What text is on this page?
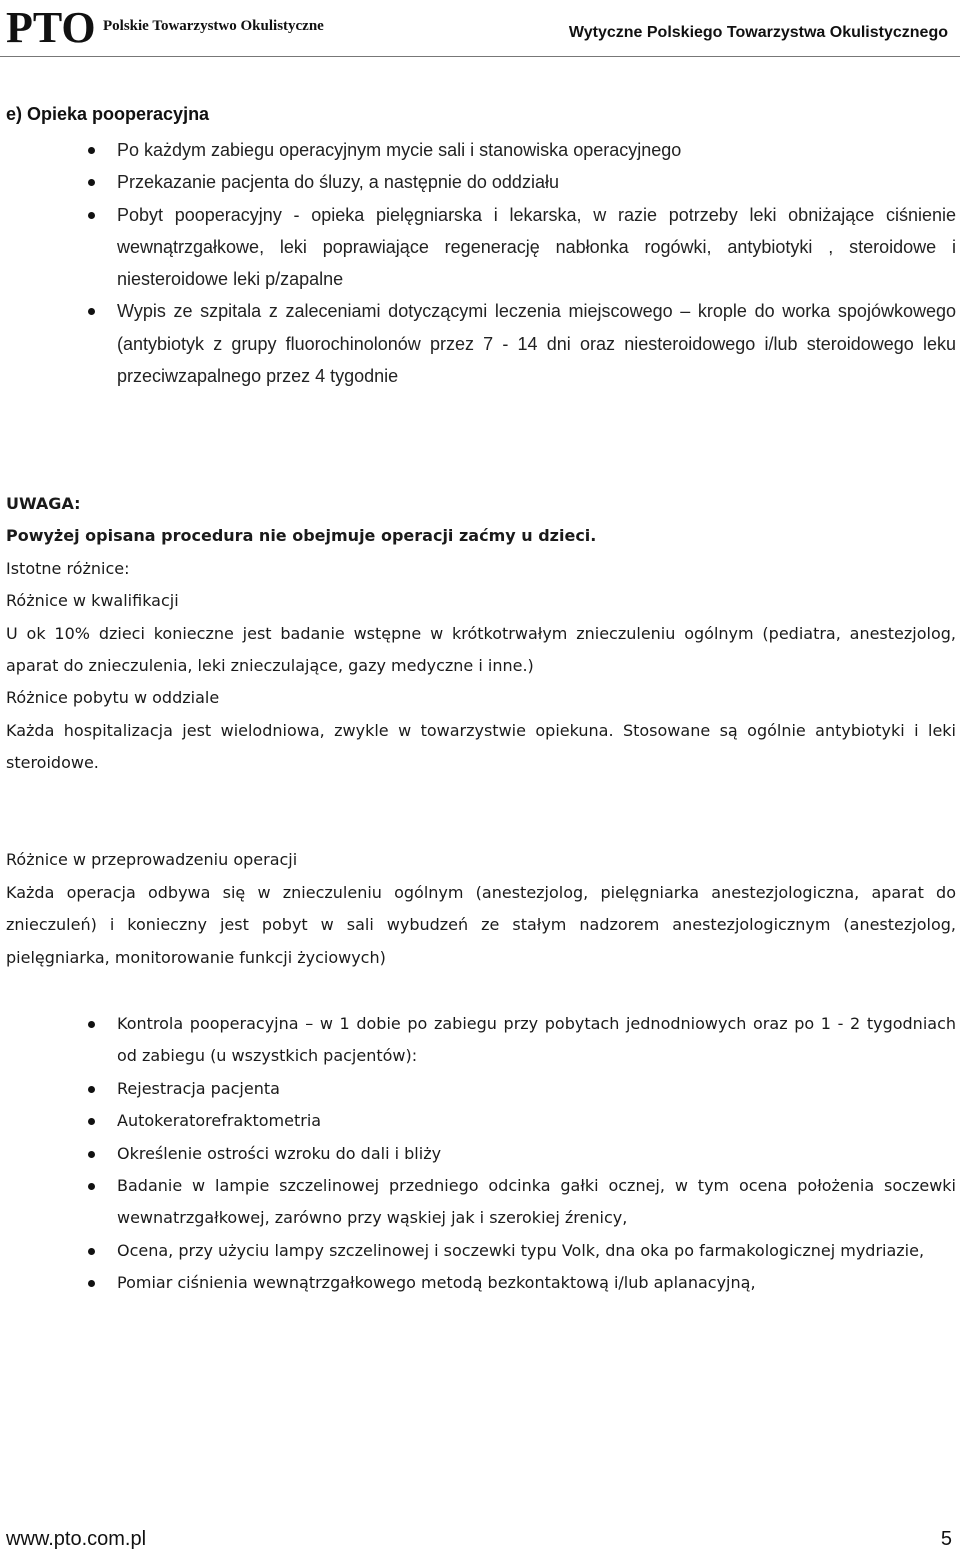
PTO Polskie Towarzystwo Okulistyczne	Wytyczne Polskiego Towarzystwa Okulistycznego
e) Opieka pooperacyjna
Po każdym zabiegu operacyjnym mycie sali i stanowiska operacyjnego
Przekazanie pacjenta do śluzy, a następnie do oddziału
Pobyt pooperacyjny - opieka pielęgniarska i lekarska, w razie potrzeby leki obniżające ciśnienie wewnątrzgałkowe, leki poprawiające regenerację nabłonka rogówki, antybiotyki , steroidowe i niesteroidowe leki p/zapalne
Wypis ze szpitala z zaleceniami dotyczącymi leczenia miejscowego – krople do worka spojówkowego (antybiotyk z grupy fluorochinolonów przez 7 - 14 dni oraz niesteroidowego i/lub steroidowego leku przeciwzapalnego przez 4 tygodnie

UWAGA:

Powyżej opisana procedura nie obejmuje operacji zaćmy u dzieci.

Istotne różnice:

Różnice w kwalifikacji

U ok 10% dzieci konieczne jest badanie wstępne w krótkotrwałym znieczuleniu ogólnym (pediatra, anestezjolog, aparat do znieczulenia, leki znieczulające, gazy medyczne i inne.)

Różnice pobytu w oddziale

Każda hospitalizacja jest wielodniowa, zwykle w towarzystwie opiekuna. Stosowane są ogólnie antybiotyki i leki steroidowe.

Różnice w przeprowadzeniu operacji

Każda operacja odbywa się w znieczuleniu ogólnym (anestezjolog, pielęgniarka anestezjologiczna, aparat do znieczuleń) i konieczny jest pobyt w sali wybudzeń ze stałym nadzorem anestezjologicznym (anestezjolog, pielęgniarka, monitorowanie funkcji życiowych)

Kontrola pooperacyjna – w 1 dobie po zabiegu przy pobytach jednodniowych oraz po 1 - 2 tygodniach od zabiegu (u wszystkich pacjentów):
Rejestracja pacjenta
Autokeratorefraktometria
Określenie ostrości wzroku do dali i bliży
Badanie w lampie szczelinowej przedniego odcinka gałki ocznej, w tym ocena położenia soczewki wewnatrzgałkowej, zarówno przy wąskiej jak i szerokiej źrenicy,
Ocena, przy użyciu lampy szczelinowej i soczewki typu Volk, dna oka po farmakologicznej mydriazie,
Pomiar ciśnienia wewnątrzgałkowego metodą bezkontaktową i/lub aplanacyjną,
www.pto.com.pl	5
